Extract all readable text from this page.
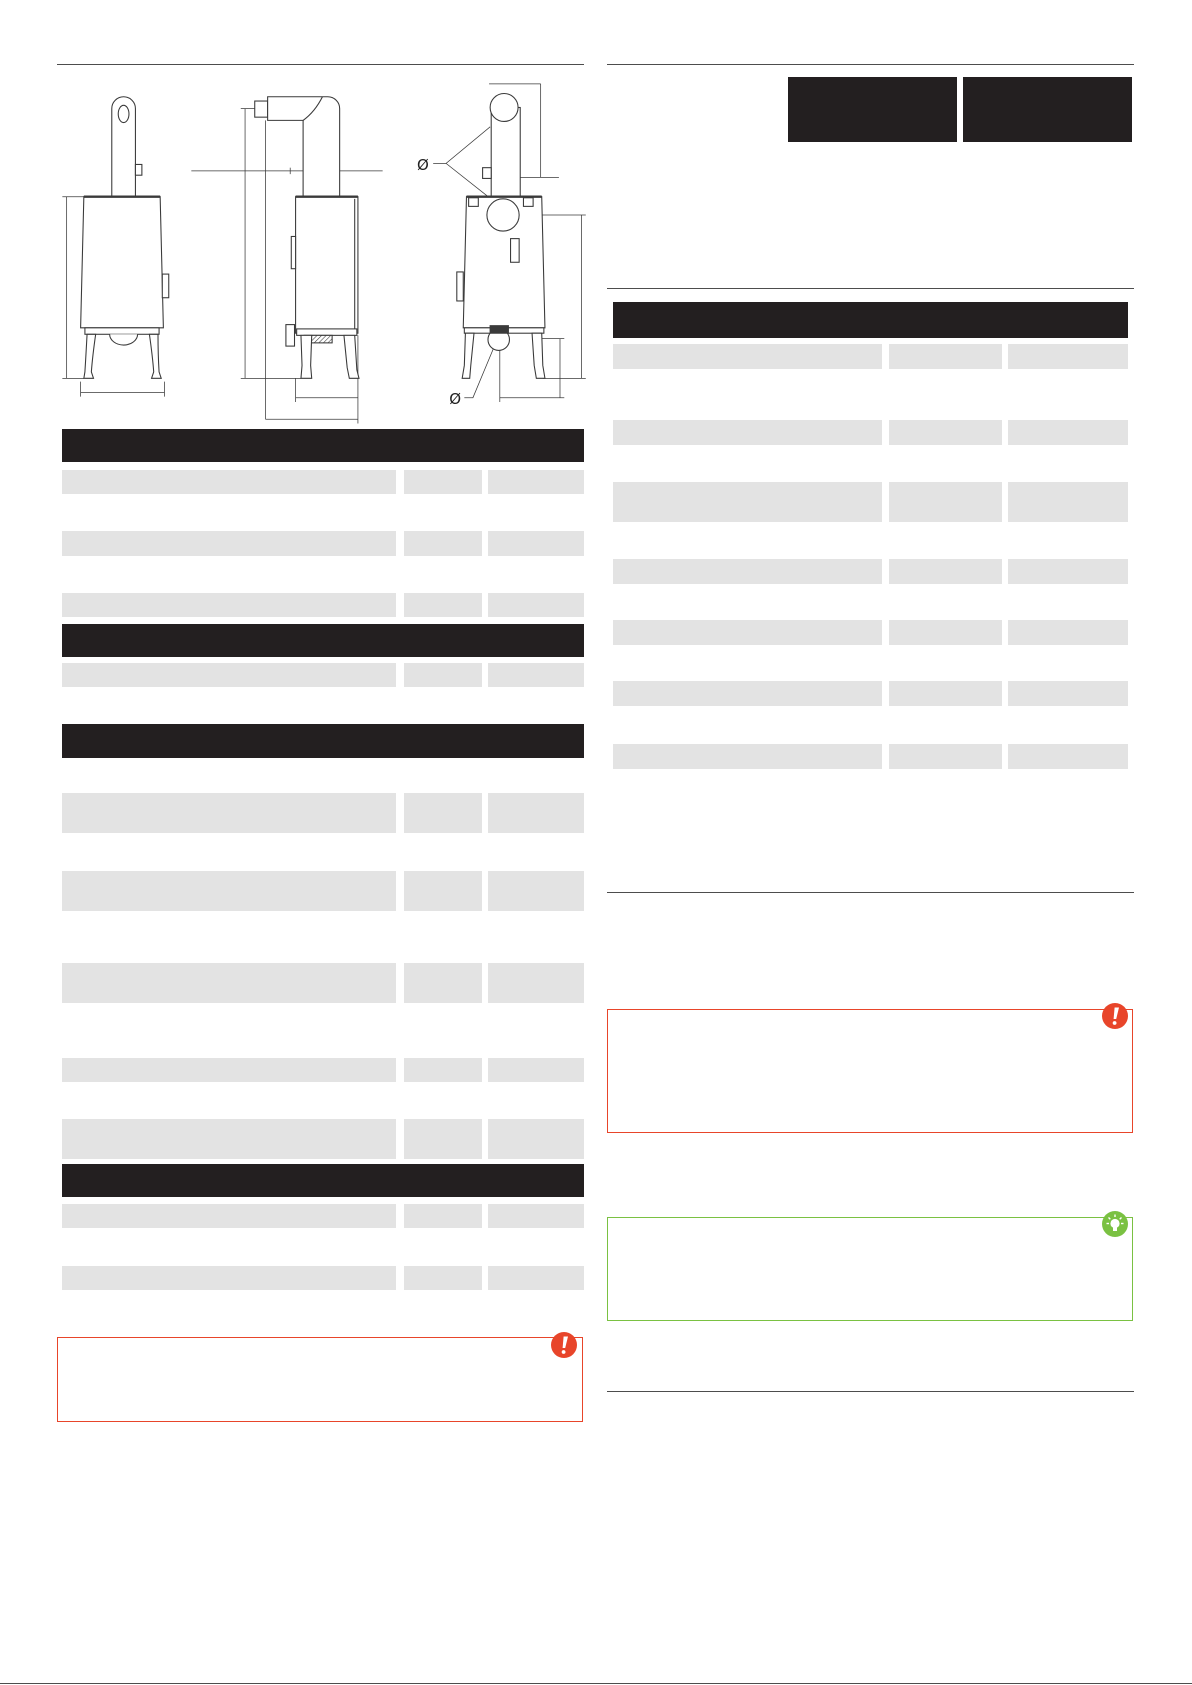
Ø
Ø
